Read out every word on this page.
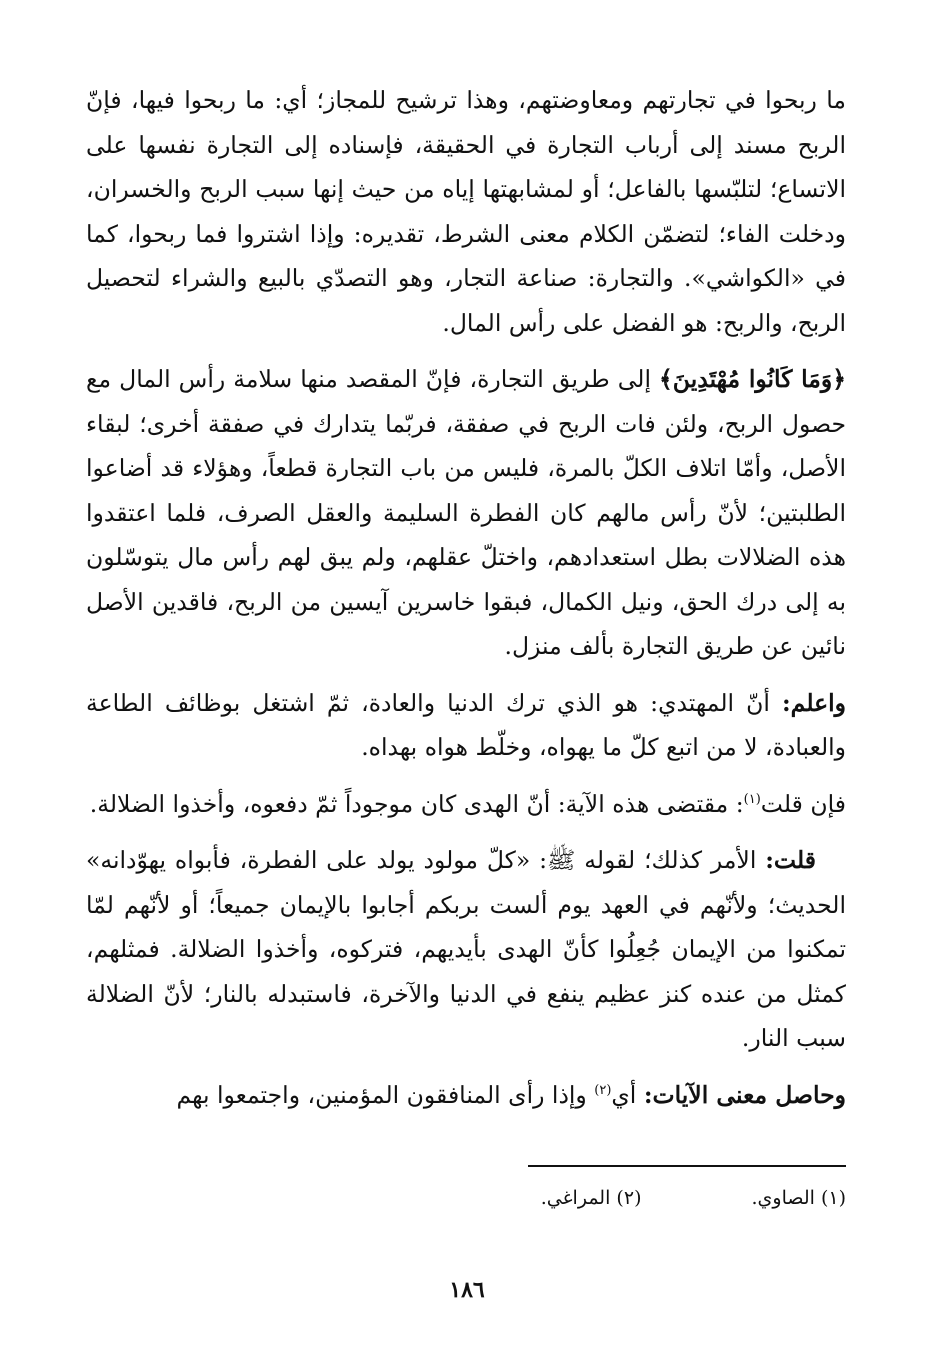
ما ربحوا في تجارتهم ومعاوضتهم، وهذا ترشيح للمجاز؛ أي: ما ربحوا فيها، فإنّ الربح مسند إلى أرباب التجارة في الحقيقة، فإسناده إلى التجارة نفسها على الاتساع؛ لتلبّسها بالفاعل؛ أو لمشابهتها إياه من حيث إنها سبب الربح والخسران، ودخلت الفاء؛ لتضمّن الكلام معنى الشرط، تقديره: وإذا اشتروا فما ربحوا، كما في «الكواشي». والتجارة: صناعة التجار، وهو التصدّي بالبيع والشراء لتحصيل الربح، والربح: هو الفضل على رأس المال.

﴿وَمَا كَانُوا مُهْتَدِينَ﴾ إلى طريق التجارة، فإنّ المقصد منها سلامة رأس المال مع حصول الربح، ولئن فات الربح في صفقة، فربّما يتدارك في صفقة أخرى؛ لبقاء الأصل، وأمّا اتلاف الكلّ بالمرة، فليس من باب التجارة قطعاً، وهؤلاء قد أضاعوا الطلبتين؛ لأنّ رأس مالهم كان الفطرة السليمة والعقل الصرف، فلما اعتقدوا هذه الضلالات بطل استعدادهم، واختلّ عقلهم، ولم يبق لهم رأس مال يتوسّلون به إلى درك الحق، ونيل الكمال، فبقوا خاسرين آيسين من الربح، فاقدين الأصل نائين عن طريق التجارة بألف منزل.

واعلم: أنّ المهتدي: هو الذي ترك الدنيا والعادة، ثمّ اشتغل بوظائف الطاعة والعبادة، لا من اتبع كلّ ما يهواه، وخلّط هواه بهداه.

فإن قلت$^{(١)}$: مقتضى هذه الآية: أنّ الهدى كان موجوداً ثمّ دفعوه، وأخذوا الضلالة.

قلت: الأمر كذلك؛ لقوله ﷺ: «كلّ مولود يولد على الفطرة، فأبواه يهوّدانه» الحديث؛ ولأنّهم في العهد يوم ألست بربكم أجابوا بالإيمان جميعاً؛ أو لأنّهم لمّا تمكنوا من الإيمان جُعِلُوا كأنّ الهدى بأيديهم، فتركوه، وأخذوا الضلالة. فمثلهم، كمثل من عنده كنز عظيم ينفع في الدنيا والآخرة، فاستبدله بالنار؛ لأنّ الضلالة سبب النار.

وحاصل معنى الآيات: أي$^{(٢)}$ وإذا رأى المنافقون المؤمنين، واجتمعوا بهم

(١) الصاوي.
(٢) المراغي.
١٨٦
